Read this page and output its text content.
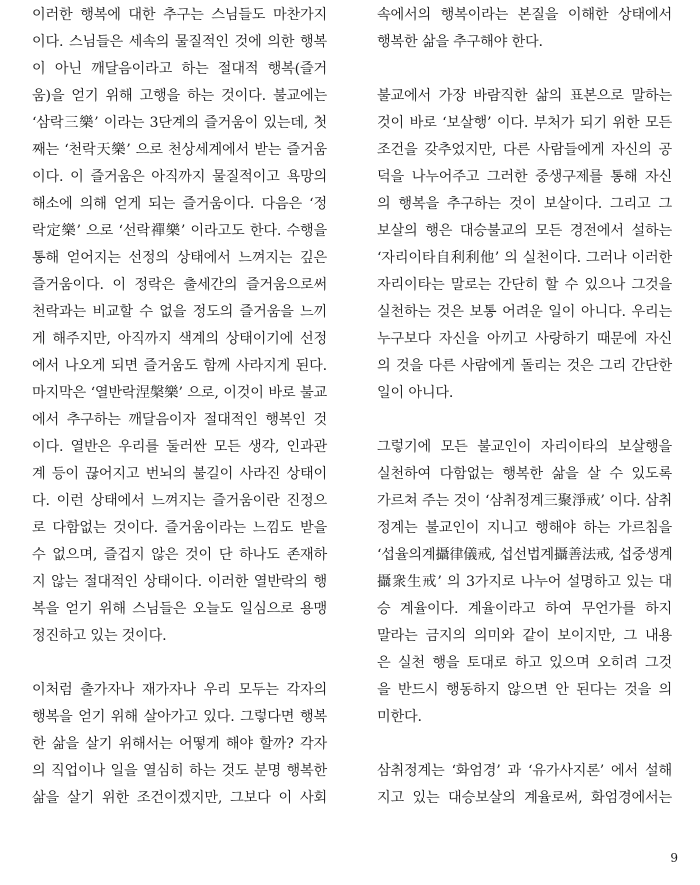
이러한 행복에 대한 추구는 스님들도 마찬가지
이다. 스님들은 세속의 물질적인 것에 의한 행복
이 아닌 깨달음이라고 하는 절대적 행복(즐거
움)을 얻기 위해 고행을 하는 것이다. 불교에는
‘삼락三樂’ 이라는 3단계의 즐거움이 있는데, 첫
째는 ‘천락天樂’ 으로 천상세계에서 받는 즐거움
이다. 이 즐거움은 아직까지 물질적이고 욕망의
해소에 의해 얻게 되는 즐거움이다. 다음은 ‘정
락定樂’ 으로 ‘선락禪樂’ 이라고도 한다. 수행을
통해 얻어지는 선정의 상태에서 느껴지는 깊은
즐거움이다. 이 정락은 출세간의 즐거움으로써
천락과는 비교할 수 없을 정도의 즐거움을 느끼
게 해주지만, 아직까지 색계의 상태이기에 선정
에서 나오게 되면 즐거움도 함께 사라지게 된다.
마지막은 ‘열반락涅槃樂’ 으로, 이것이 바로 불교
에서 추구하는 깨달음이자 절대적인 행복인 것
이다. 열반은 우리를 둘러싼 모든 생각, 인과관
계 등이 끊어지고 번뇌의 불길이 사라진 상태이
다. 이런 상태에서 느껴지는 즐거움이란 진정으
로 다함없는 것이다. 즐거움이라는 느낌도 받을
수 없으며, 즐겁지 않은 것이 단 하나도 존재하
지 않는 절대적인 상태이다. 이러한 열반락의 행
복을 얻기 위해 스님들은 오늘도 일심으로 용맹
정진하고 있는 것이다.
이처럼 출가자나 재가자나 우리 모두는 각자의
행복을 얻기 위해 살아가고 있다. 그렇다면 행복
한 삶을 살기 위해서는 어떻게 해야 할까? 각자
의 직업이나 일을 열심히 하는 것도 분명 행복한
삶을 살기 위한 조건이겠지만, 그보다 이 사회
속에서의 행복이라는 본질을 이해한 상태에서
행복한 삶을 추구해야 한다.
불교에서 가장 바람직한 삶의 표본으로 말하는
것이 바로 ‘보살행’ 이다. 부처가 되기 위한 모든
조건을 갖추었지만, 다른 사람들에게 자신의 공
덕을 나누어주고 그러한 중생구제를 통해 자신
의 행복을 추구하는 것이 보살이다. 그리고 그
보살의 행은 대승불교의 모든 경전에서 설하는
‘자리이타自利利他’ 의 실천이다. 그러나 이러한
자리이타는 말로는 간단히 할 수 있으나 그것을
실천하는 것은 보통 어려운 일이 아니다. 우리는
누구보다 자신을 아끼고 사랑하기 때문에 자신
의 것을 다른 사람에게 돌리는 것은 그리 간단한
일이 아니다.
그렇기에 모든 불교인이 자리이타의 보살행을
실천하여 다함없는 행복한 삶을 살 수 있도록
가르쳐 주는 것이 ‘삼취정계三聚淨戒’ 이다. 삼취
정계는 불교인이 지니고 행해야 하는 가르침을
‘섭율의계攝律儀戒, 섭선법계攝善法戒, 섭중생계
攝衆生戒’ 의 3가지로 나누어 설명하고 있는 대
승 계율이다. 계율이라고 하여 무언가를 하지
말라는 금지의 의미와 같이 보이지만, 그 내용
은 실천 행을 토대로 하고 있으며 오히려 그것
을 반드시 행동하지 않으면 안 된다는 것을 의
미한다.
삼취정계는 ‘화엄경’ 과 ‘유가사지론’ 에서 설해
지고 있는 대승보살의 계율로써, 화엄경에서는
9
